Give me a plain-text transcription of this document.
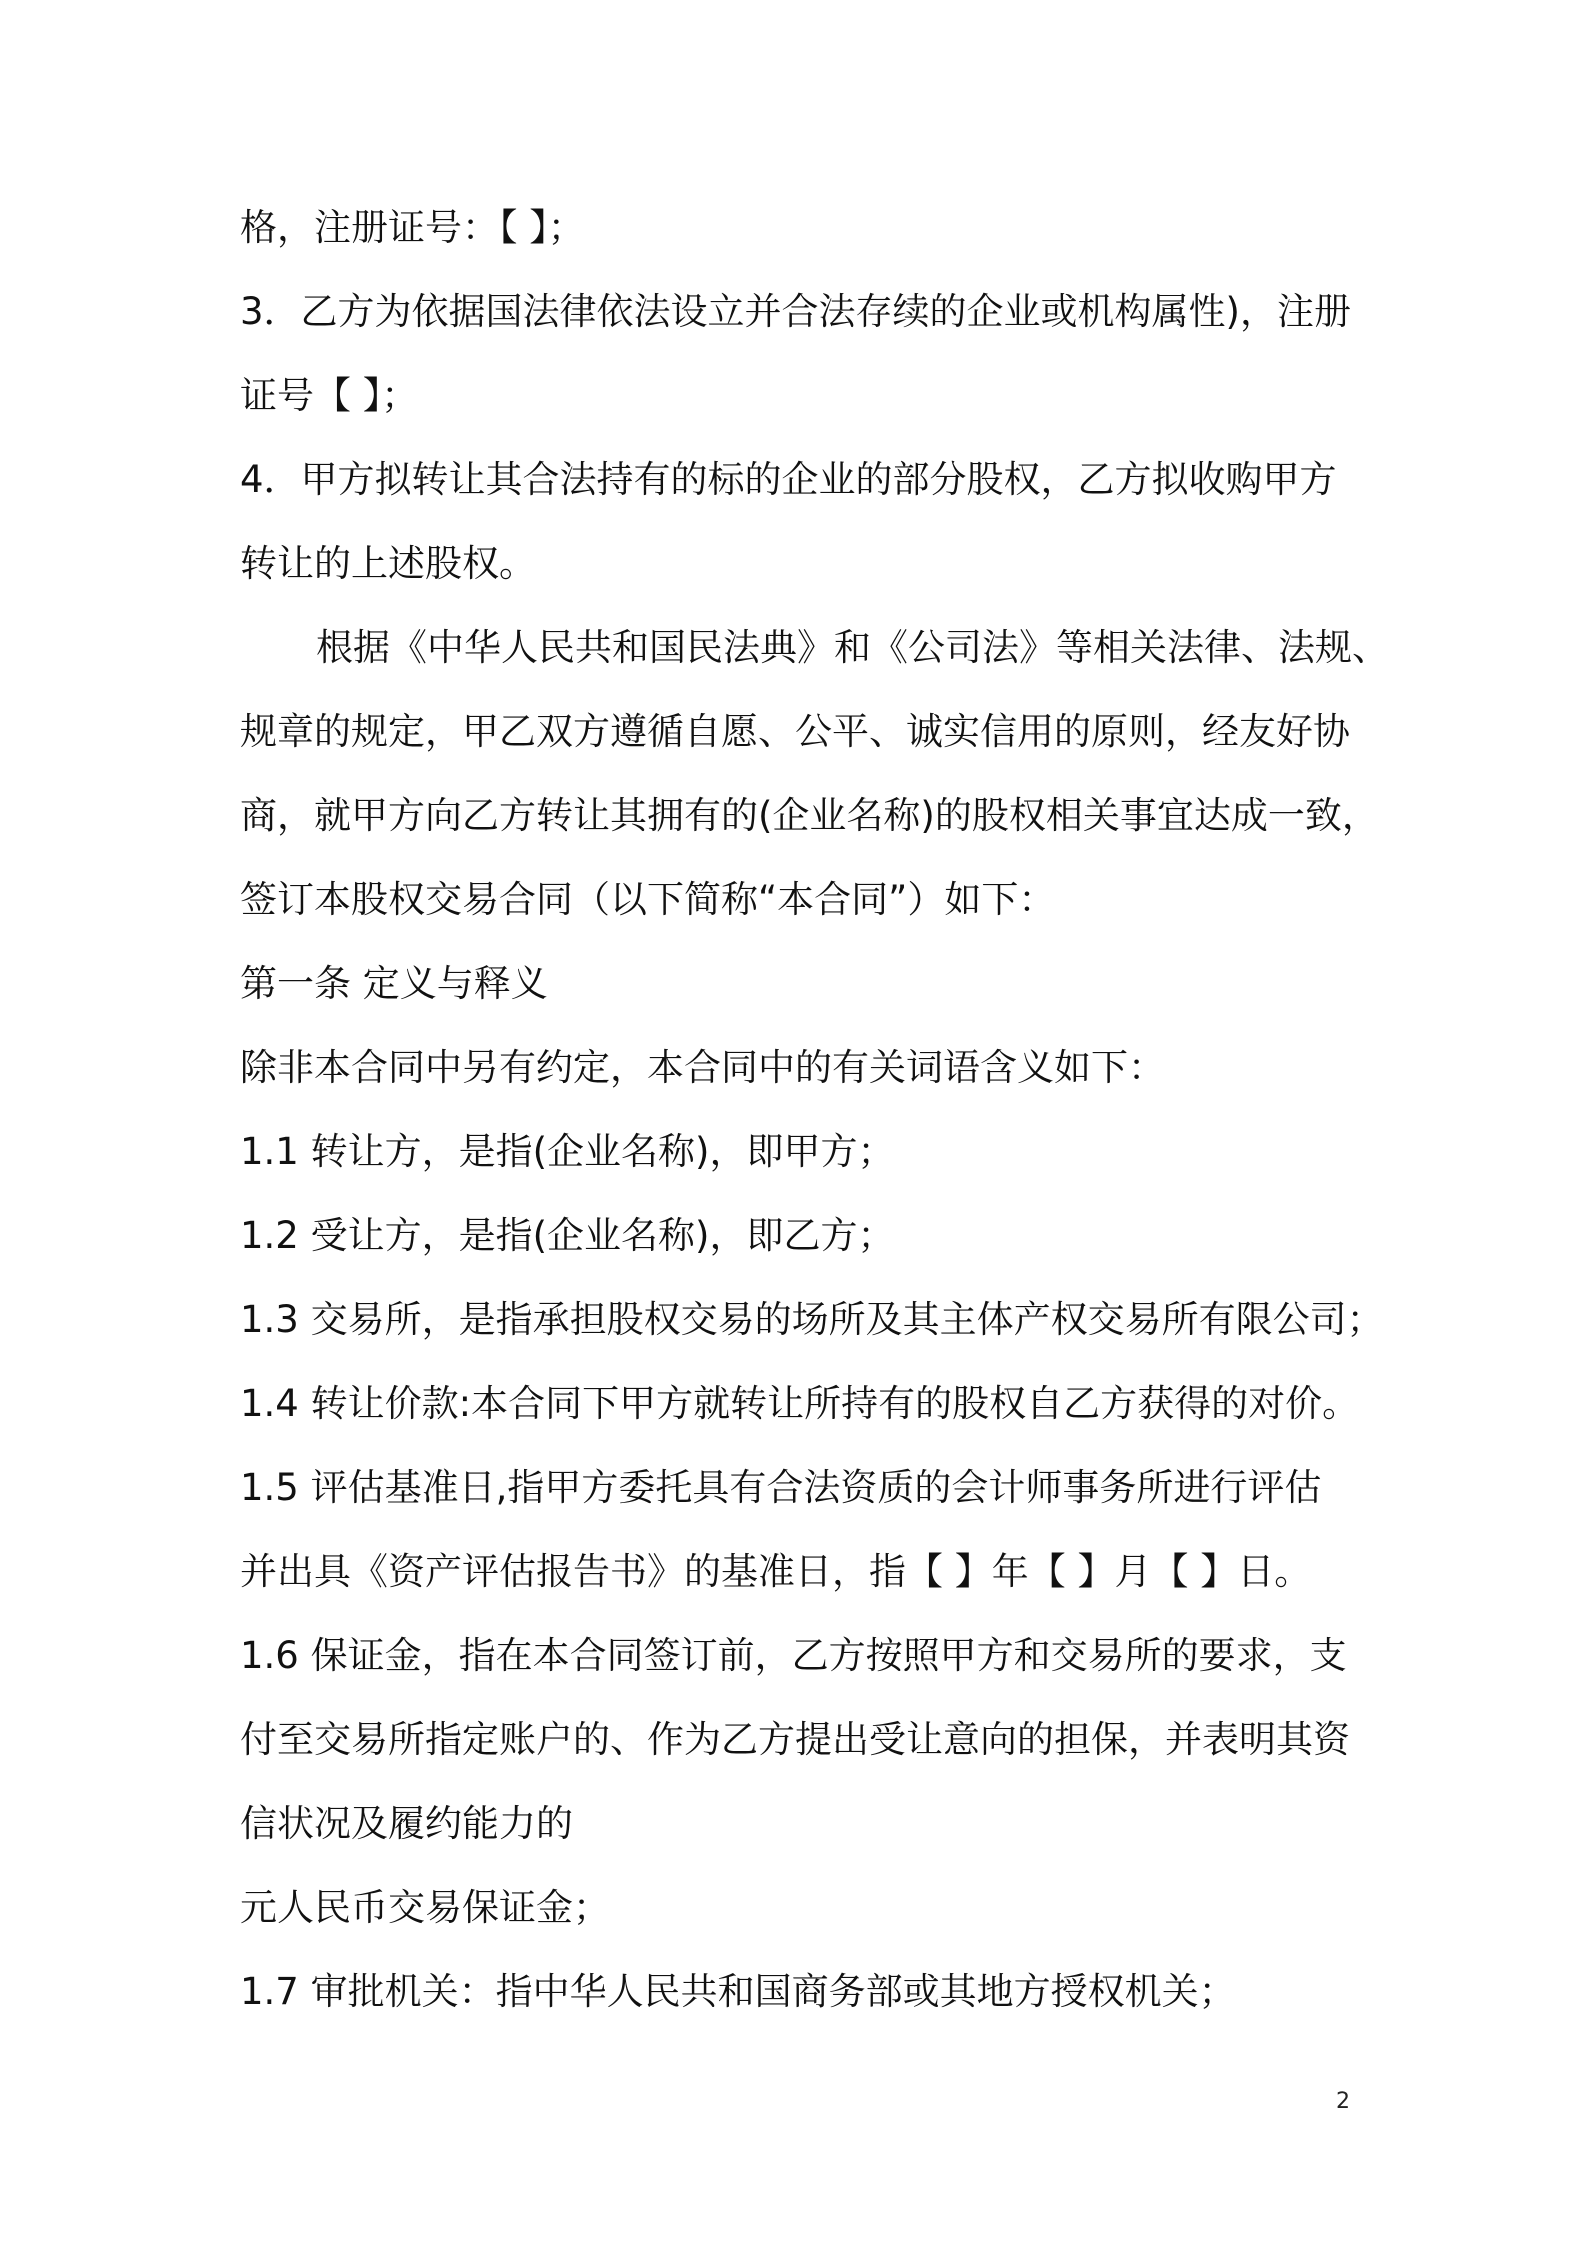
格，注册证号：【 】；
3．乙方为依据国法律依法设立并合法存续的企业或机构属性)，注册
证号【 】；
4．甲方拟转让其合法持有的标的企业的部分股权，乙方拟收购甲方
转让的上述股权。
根据《中华人民共和国民法典》和《公司法》等相关法律、法规、
规章的规定，甲乙双方遵循自愿、公平、诚实信用的原则，经友好协
商，就甲方向乙方转让其拥有的(企业名称)的股权相关事宜达成一致，
签订本股权交易合同（以下简称“本合同”）如下：
第一条 定义与释义
除非本合同中另有约定，本合同中的有关词语含义如下：
1.1 转让方，是指(企业名称)，即甲方；
1.2 受让方，是指(企业名称)，即乙方；
1.3 交易所，是指承担股权交易的场所及其主体产权交易所有限公司；
1.4 转让价款:本合同下甲方就转让所持有的股权自乙方获得的对价。
1.5 评估基准日,指甲方委托具有合法资质的会计师事务所进行评估
并出具《资产评估报告书》的基准日，指【 】年【 】月【 】日。
1.6 保证金，指在本合同签订前，乙方按照甲方和交易所的要求，支
付至交易所指定账户的、作为乙方提出受让意向的担保，并表明其资
信状况及履约能力的
元人民币交易保证金；
1.7 审批机关：指中华人民共和国商务部或其地方授权机关；
2
